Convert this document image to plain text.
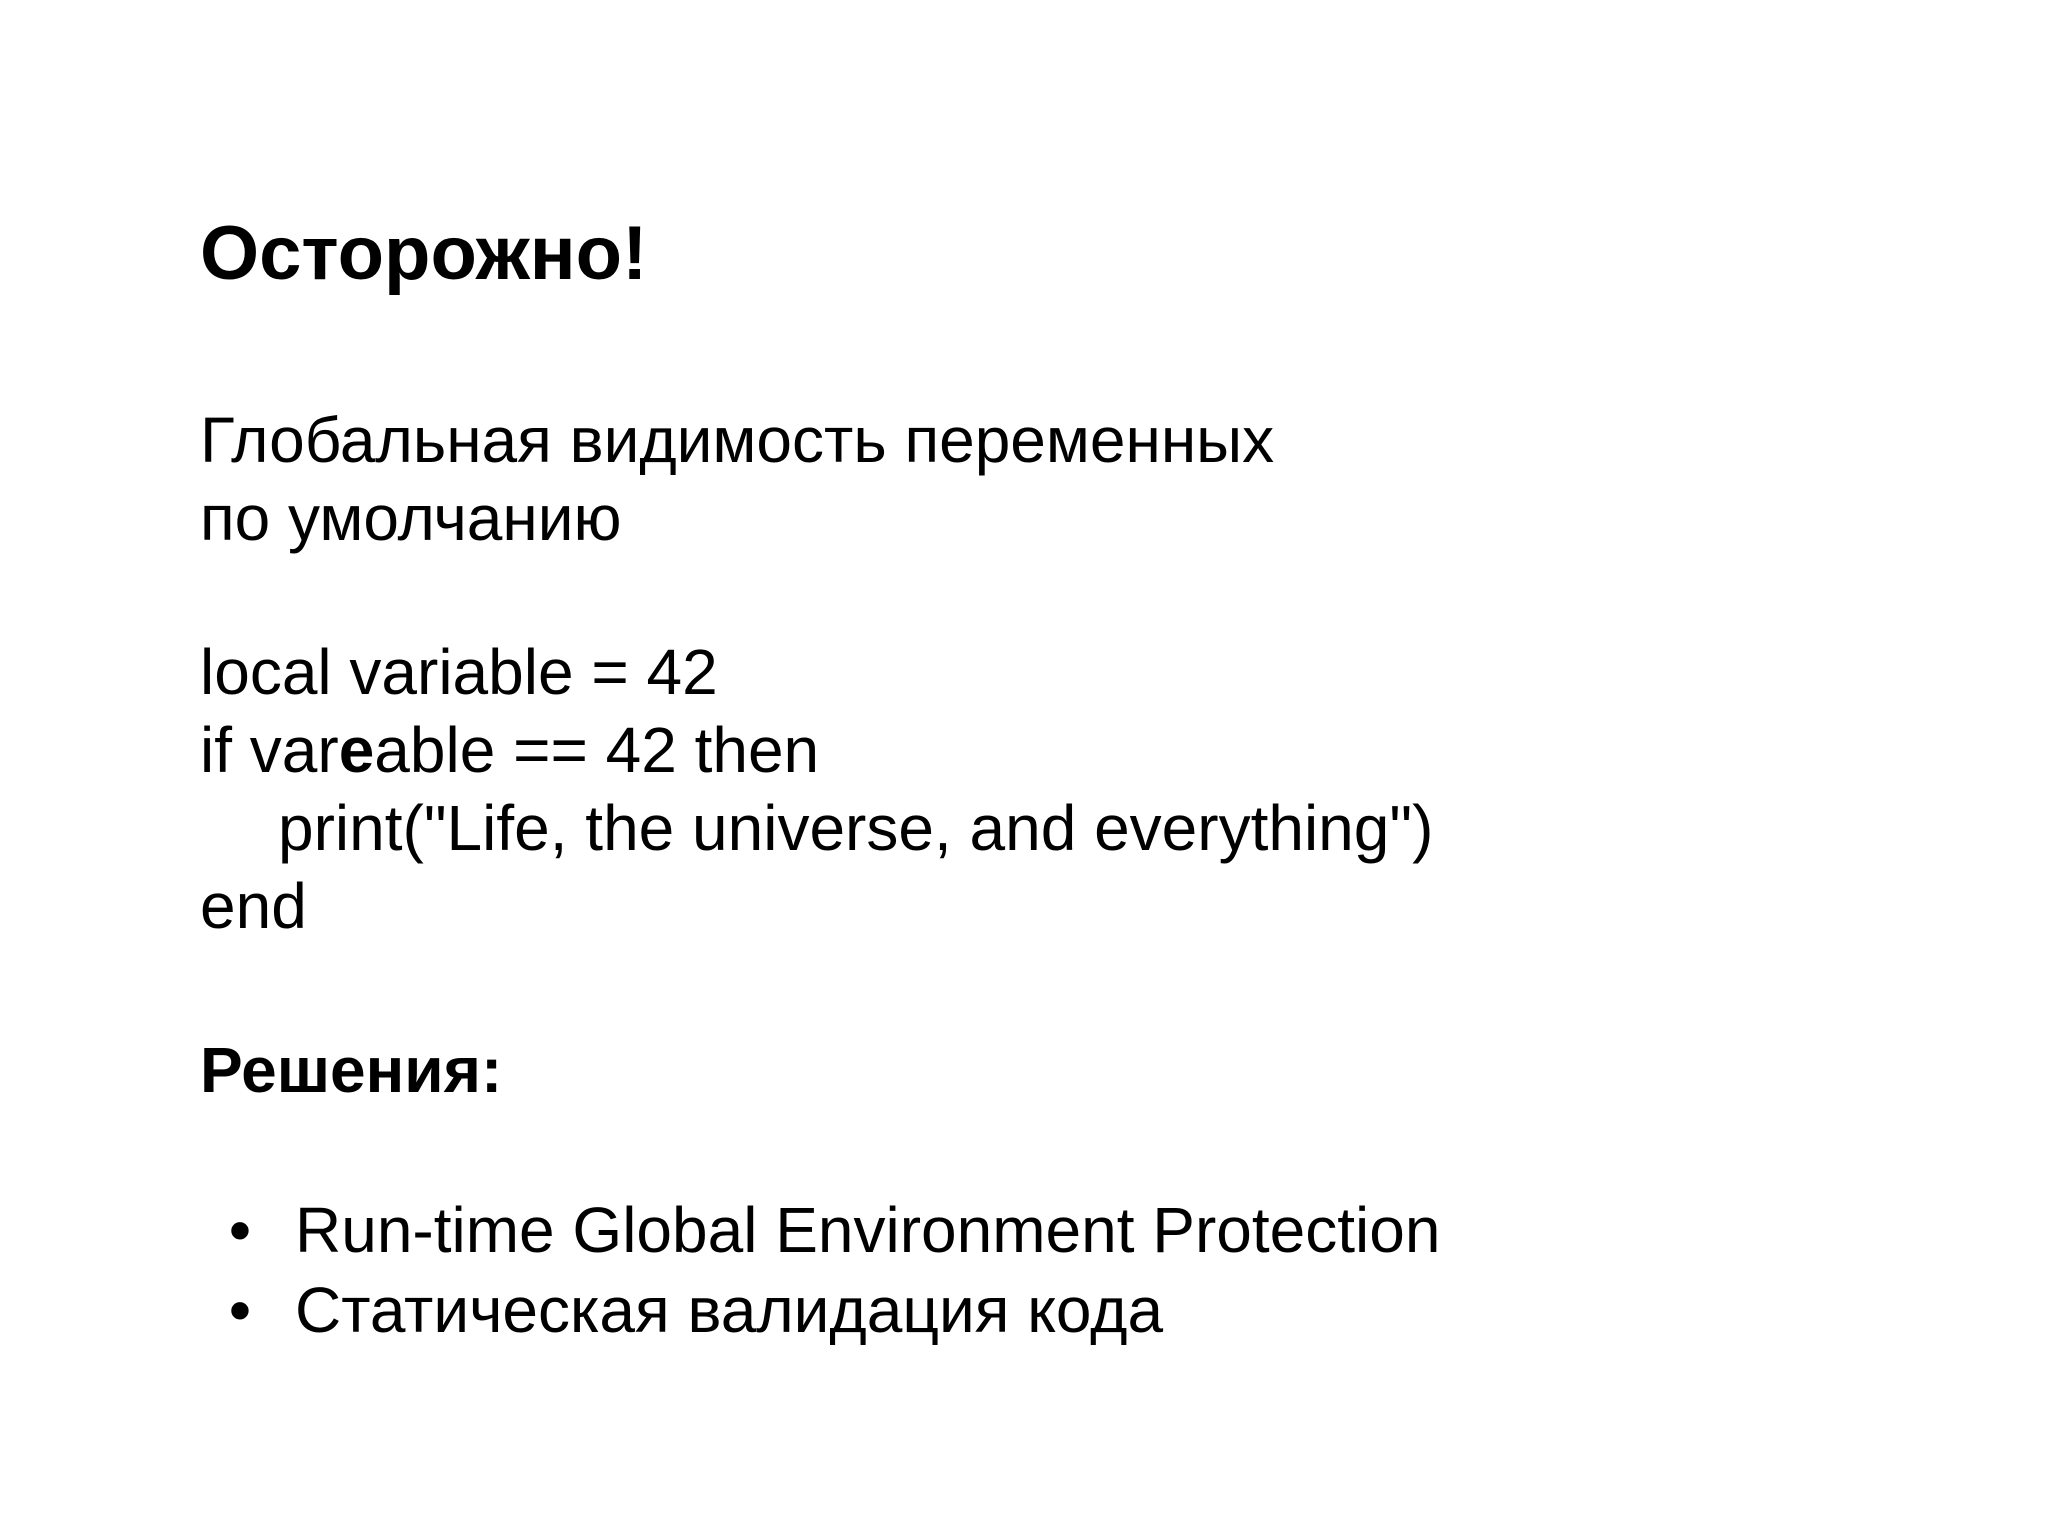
Осторожно!
Глобальная видимость переменных
по умолчанию
local variable = 42
if vareable == 42 then
print("Life, the universe, and everything")
end
Решения:
• Run-time Global Environment Protection
• Статическая валидация кода
